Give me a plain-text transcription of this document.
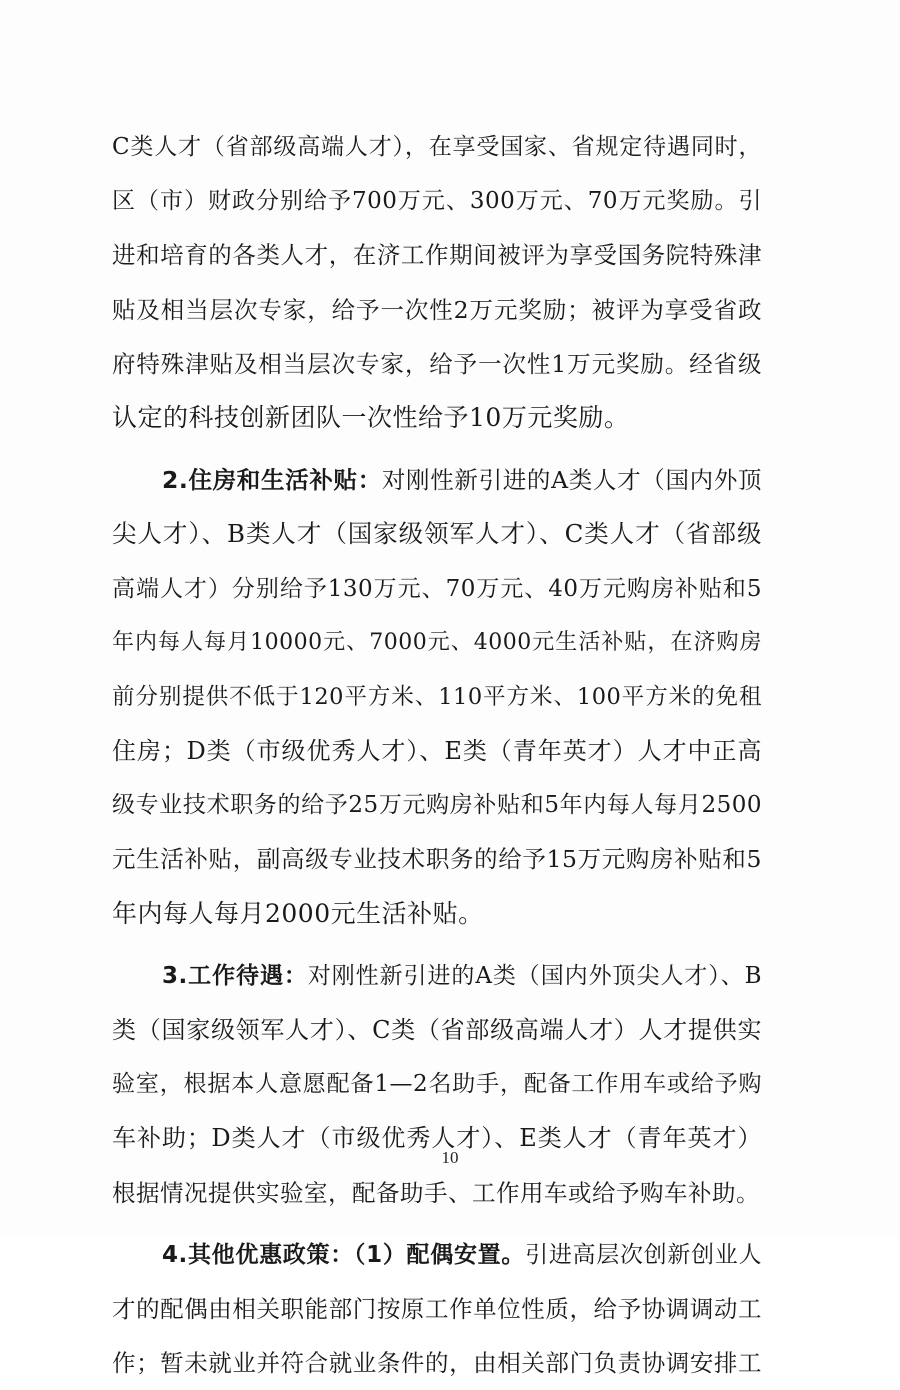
C类人才（省部级高端人才），在享受国家、省规定待遇同时，
区（市）财政分别给予700万元、300万元、70万元奖励。引
进和培育的各类人才，在济工作期间被评为享受国务院特殊津
贴及相当层次专家，给予一次性2万元奖励；被评为享受省政
府特殊津贴及相当层次专家，给予一次性1万元奖励。经省级
认定的科技创新团队一次性给予10万元奖励。
2.住房和生活补贴：对刚性新引进的A类人才（国内外顶
尖人才）、B类人才（国家级领军人才）、C类人才（省部级
高端人才）分别给予130万元、70万元、40万元购房补贴和5
年内每人每月10000元、7000元、4000元生活补贴，在济购房
前分别提供不低于120平方米、110平方米、100平方米的免租
住房；D类（市级优秀人才）、E类（青年英才）人才中正高
级专业技术职务的给予25万元购房补贴和5年内每人每月2500
元生活补贴，副高级专业技术职务的给予15万元购房补贴和5
年内每人每月2000元生活补贴。
3.工作待遇：对刚性新引进的A类（国内外顶尖人才）、B
类（国家级领军人才）、C类（省部级高端人才）人才提供实
验室，根据本人意愿配备1—2名助手，配备工作用车或给予购
车补助；D类人才（市级优秀人才）、E类人才（青年英才）
根据情况提供实验室，配备助手、工作用车或给予购车补助。
4.其他优惠政策：（1）配偶安置。引进高层次创新创业人
才的配偶由相关职能部门按原工作单位性质，给予协调调动工
作；暂未就业并符合就业条件的，由相关部门负责协调安排工
10
